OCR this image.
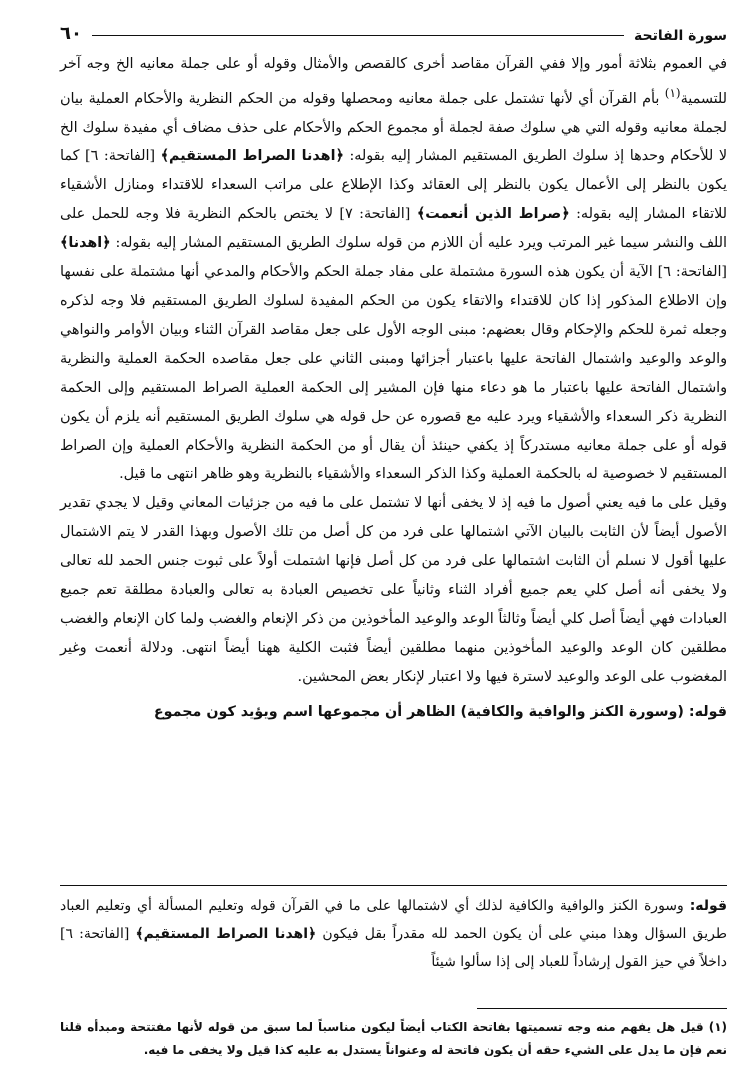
سورة الفاتحة
٦٠

في العموم بثلاثة أمور وإلا ففي القرآن مقاصد أخرى كالقصص والأمثال وقوله أو على جملة معانيه الخ وجه آخر للتسمية$^{(١)}$ بأم القرآن أي لأنها تشتمل على جملة معانيه ومحصلها وقوله من الحكم النظرية والأحكام العملية بيان لجملة معانيه وقوله التي هي سلوك صفة لجملة أو مجموع الحكم والأحكام على حذف مضاف أي مفيدة سلوك الخ لا للأحكام وحدها إذ سلوك الطريق المستقيم المشار إليه بقوله: ﴿اهدنا الصراط المستقيم﴾ [الفاتحة: ٦] كما يكون بالنظر إلى الأعمال يكون بالنظر إلى العقائد وكذا الإطلاع على مراتب السعداء للاقتداء ومنازل الأشقياء للاتقاء المشار إليه بقوله: ﴿صراط الذين أنعمت﴾ [الفاتحة: ٧] لا يختص بالحكم النظرية فلا وجه للحمل على اللف والنشر سيما غير المرتب ويرد عليه أن اللازم من قوله سلوك الطريق المستقيم المشار إليه بقوله: ﴿اهدنا﴾ [الفاتحة: ٦] الآية أن يكون هذه السورة مشتملة على مفاد جملة الحكم والأحكام والمدعي أنها مشتملة على نفسها وإن الاطلاع المذكور إذا كان للاقتداء والاتقاء يكون من الحكم المفيدة لسلوك الطريق المستقيم فلا وجه لذكره وجعله ثمرة للحكم والإحكام وقال بعضهم: مبنى الوجه الأول على جعل مقاصد القرآن الثناء وبيان الأوامر والنواهي والوعد والوعيد واشتمال الفاتحة عليها باعتبار أجزائها ومبنى الثاني على جعل مقاصده الحكمة العملية والنظرية واشتمال الفاتحة عليها باعتبار ما هو دعاء منها فإن المشير إلى الحكمة العملية الصراط المستقيم وإلى الحكمة النظرية ذكر السعداء والأشقياء ويرد عليه مع قصوره عن حل قوله هي سلوك الطريق المستقيم أنه يلزم أن يكون قوله أو على جملة معانيه مستدركاً إذ يكفي حينئذ أن يقال أو من الحكمة النظرية والأحكام العملية وإن الصراط المستقيم لا خصوصية له بالحكمة العملية وكذا الذكر السعداء والأشقياء بالنظرية وهو ظاهر انتهى ما قيل.

وقيل على ما فيه يعني أصول ما فيه إذ لا يخفى أنها لا تشتمل على ما فيه من جزئيات المعاني وقيل لا يجدي تقدير الأصول أيضاً لأن الثابت بالبيان الآتي اشتمالها على فرد من كل أصل من تلك الأصول وبهذا القدر لا يتم الاشتمال عليها أقول لا نسلم أن الثابت اشتمالها على فرد من كل أصل فإنها اشتملت أولاً على ثبوت جنس الحمد لله تعالى ولا يخفى أنه أصل كلي يعم جميع أفراد الثناء وثانياً على تخصيص العبادة به تعالى والعبادة مطلقة تعم جميع العبادات فهي أيضاً أصل كلي أيضاً وثالثاً الوعد والوعيد المأخوذين من ذكر الإنعام والغضب ولما كان الإنعام والغضب مطلقين كان الوعد والوعيد المأخوذين منهما مطلقين أيضاً فثبت الكلية ههنا أيضاً انتهى. ودلالة أنعمت وغير المغضوب على الوعد والوعيد لاسترة فيها ولا اعتبار لإنكار بعض المحشين.

قوله: (وسورة الكنز والوافية والكافية) الظاهر أن مجموعها اسم ويؤيد كون مجموع

قوله: وسورة الكنز والوافية والكافية لذلك أي لاشتمالها على ما في القرآن قوله وتعليم المسألة أي وتعليم العباد طريق السؤال وهذا مبني على أن يكون الحمد لله مقدراً بقل فيكون ﴿اهدنا الصراط المستقيم﴾ [الفاتحة: ٦] داخلاً في حيز القول إرشاداً للعباد إلى إذا سألوا شيئاً

(١) قيل هل يفهم منه وجه تسميتها بفاتحة الكتاب أيضاً ليكون مناسباً لما سبق من قوله لأنها مفتتحة ومبدأه قلنا نعم فإن ما يدل على الشيء حقه أن يكون فاتحة له وعنواناً يستدل به عليه كذا قيل ولا يخفى ما فيه.
